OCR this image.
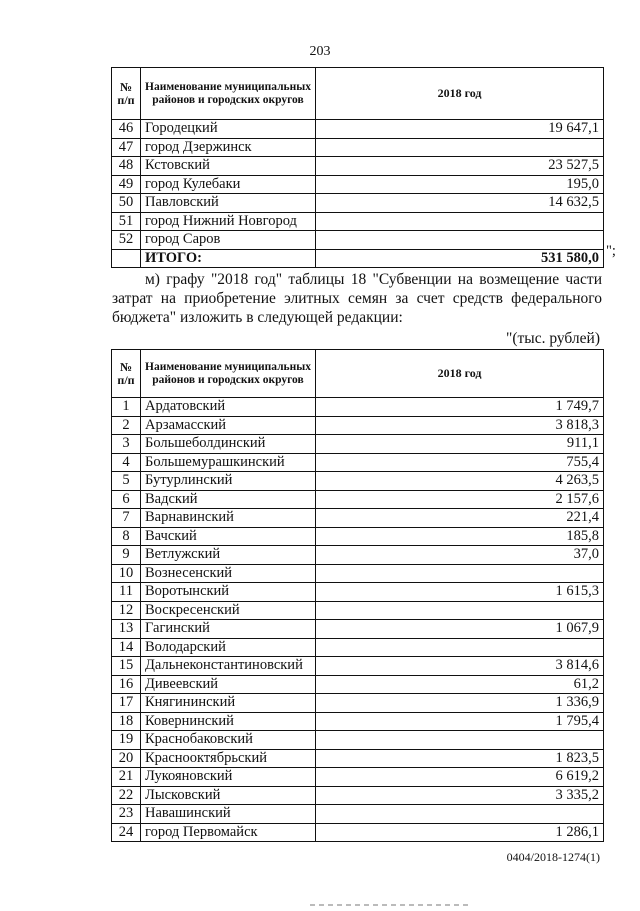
203
№ п/п	Наименование муниципальных районов и городских округов	2018 год
46	Городецкий	19 647,1
47	город Дзержинск	
48	Кстовский	23 527,5
49	город Кулебаки	195,0
50	Павловский	14 632,5
51	город Нижний Новгород	
52	город Саров	
	ИТОГО:	531 580,0 ";
м) графу "2018 год" таблицы 18 "Субвенции на возмещение части
затрат на приобретение элитных семян за счет средств федерального
бюджета" изложить в следующей редакции:
"(тыс. рублей)
№ п/п	Наименование муниципальных районов и городских округов	2018 год
1	Ардатовский	1 749,7
2	Арзамасский	3 818,3
3	Большеболдинский	911,1
4	Большемурашкинский	755,4
5	Бутурлинский	4 263,5
6	Вадский	2 157,6
7	Варнавинский	221,4
8	Вачский	185,8
9	Ветлужский	37,0
10	Вознесенский	
11	Воротынский	1 615,3
12	Воскресенский	
13	Гагинский	1 067,9
14	Володарский	
15	Дальнеконстантиновский	3 814,6
16	Дивеевский	61,2
17	Княгининский	1 336,9
18	Ковернинский	1 795,4
19	Краснобаковский	
20	Краснооктябрьский	1 823,5
21	Лукояновский	6 619,2
22	Лысковский	3 335,2
23	Навашинский	
24	город Первомайск	1 286,1
0404/2018-1274(1)
